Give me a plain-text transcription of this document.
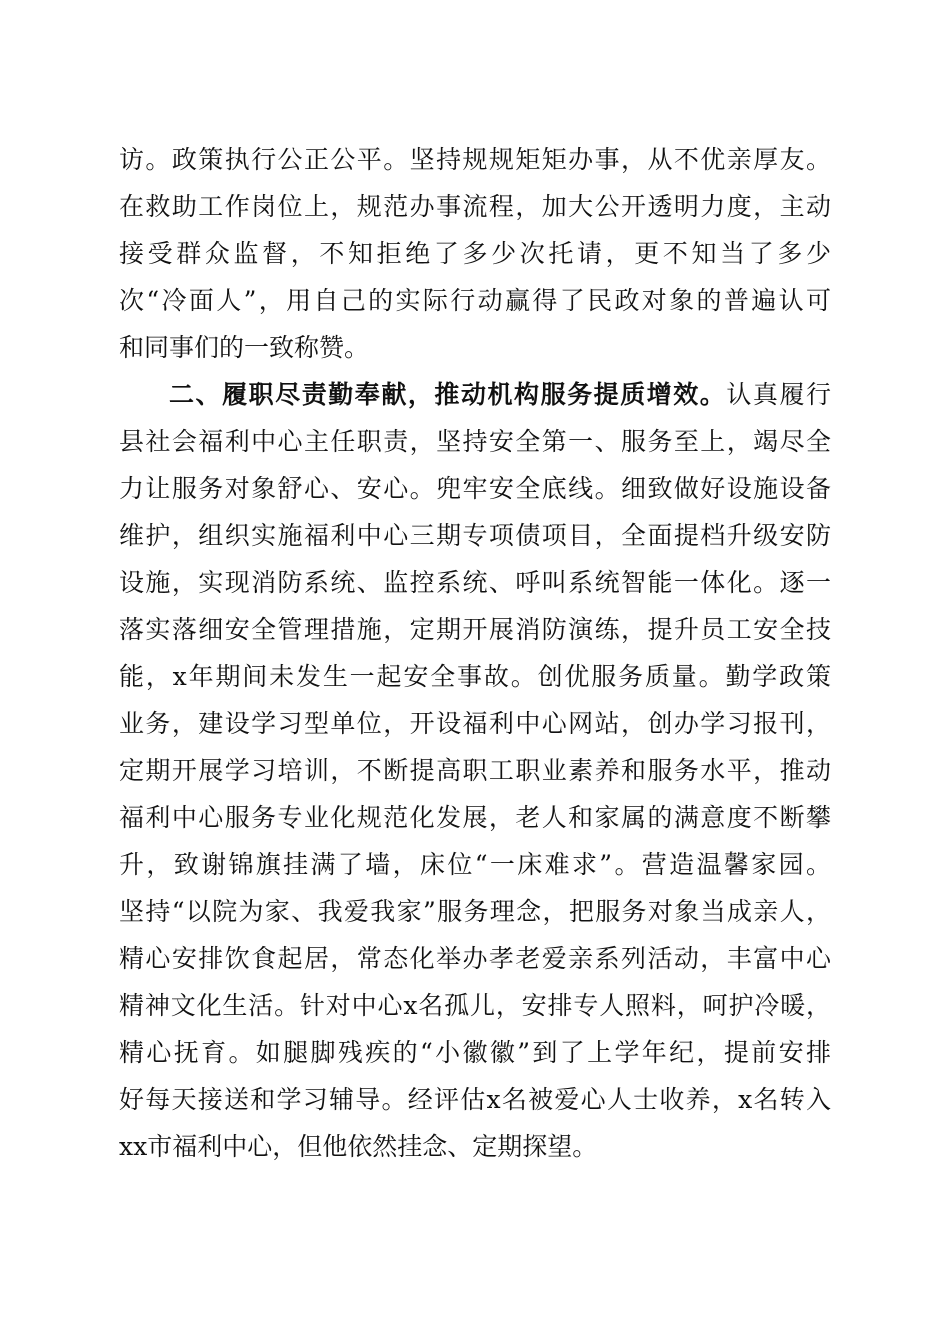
访。政策执行公正公平。坚持规规矩矩办事，从不优亲厚友。
在救助工作岗位上，规范办事流程，加大公开透明力度，主动
接受群众监督，不知拒绝了多少次托请，更不知当了多少
次“冷面人”，用自己的实际行动赢得了民政对象的普遍认可
和同事们的一致称赞。
二、履职尽责勤奉献，推动机构服务提质增效。认真履行
县社会福利中心主任职责，坚持安全第一、服务至上，竭尽全
力让服务对象舒心、安心。兜牢安全底线。细致做好设施设备
维护，组织实施福利中心三期专项债项目，全面提档升级安防
设施，实现消防系统、监控系统、呼叫系统智能一体化。逐一
落实落细安全管理措施，定期开展消防演练，提升员工安全技
能，x年期间未发生一起安全事故。创优服务质量。勤学政策
业务，建设学习型单位，开设福利中心网站，创办学习报刊，
定期开展学习培训，不断提高职工职业素养和服务水平，推动
福利中心服务专业化规范化发展，老人和家属的满意度不断攀
升，致谢锦旗挂满了墙，床位“一床难求”。营造温馨家园。
坚持“以院为家、我爱我家”服务理念，把服务对象当成亲人，
精心安排饮食起居，常态化举办孝老爱亲系列活动，丰富中心
精神文化生活。针对中心x名孤儿，安排专人照料，呵护冷暖，
精心抚育。如腿脚残疾的“小徽徽”到了上学年纪，提前安排
好每天接送和学习辅导。经评估x名被爱心人士收养，x名转入
xx市福利中心，但他依然挂念、定期探望。
